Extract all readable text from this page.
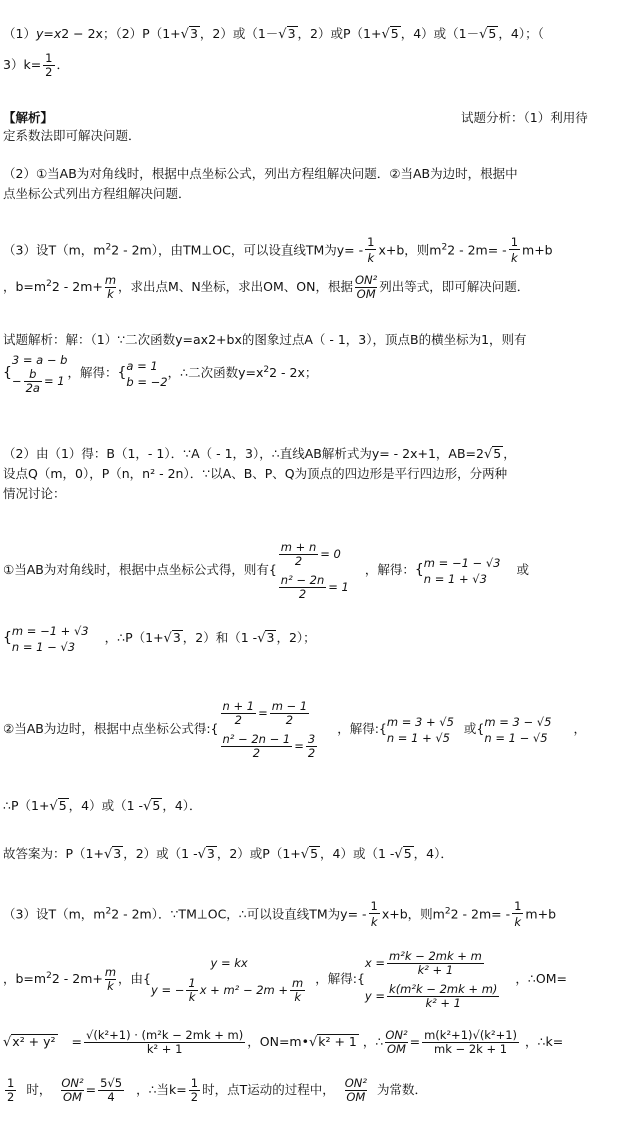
（1）y=x2 − 2x；（2）P（1+√3 ，2）或（1－√3 ，2）或P（1+√5 ，4）或（1－√5 ，4）；（
$3)k= \frac{1}{2}$ ．
【解析】	试题分析：（1）利用待
定系数法即可解决问题．
（2）①当AB为对角线时，根据中点坐标公式，列出方程组解决问题．②当AB为边时，根据中
点坐标公式列出方程组解决问题．
（3）设T（m，$m^22 - 2m$），由TM⊥OC，可以设直线TM为$y= - \frac{1}{k} x+b$，则$m^22 - 2m= - \frac{1}{k} m+b$
，$b=m^22 - 2m+ \frac{m}{k}$ ，求出点M、N坐标，求出OM、ON，根据 $\frac{\text{ON²}}{OM}$ 列出等式，即可解决问题．
试题解析：解：（1）∵二次函数y=ax2+bx的图象过点A（ - 1，3），顶点B的横坐标为1，则有
{
3 = a − b
− $\frac{b}{2a} = 1$
，解得：{ a = 1
b = −2
，∴二次函数$y=x^22 - 2x$；
（2）由（1）得：B（1，- 1）．∵A（ - 1，3），∴直线AB解析式为y= - 2x+1，AB=2√5 ，
设点Q（m，0），P（n，n² - 2n）．∵以A、B、P、Q为顶点的四边形是平行四边形，分两种
情况讨论：
①当AB为对角线时，根据中点坐标公式得，则有{
$\frac{m + n}{2} = 0$
$\frac{\text{n² − 2n}}{2} = 1$
，解得：{ m = −1 − √3
n = 1 + √3
或
{ m = −1 + √3
n = 1 − √3
，∴P（1+√3 ，2）和（1 -√3 ，2）；
②当AB为边时，根据中点坐标公式得:{
$\frac{n + 1}{2} = \frac{m - 1}{2}$
$\frac{\text{n² − 2n − 1}}{2} = \frac{3}{2}$
，解得:{ m = 3 + √5
n = 1 + √5
或{ m = 3 − √5
n = 1 − √5
，
∴P（1+√5 ，4）或（1 -√5 ，4）．
故答案为：P（1+√3 ，2）或（1 -√3 ，2）或P（1+√5 ，4）或（1 -√5 ，4）．
（3）设T（m，$m^22 - 2m$）．∵TM⊥OC，∴可以设直线TM为$y= - \frac{1}{k} x+b$，则$m^22 - 2m= - \frac{1}{k} m+b$
，$b=m^22 - 2m+ \frac{m}{k}$ ，由{
y = kx
y = − $\frac{1}{k}$ $x + m^2 - 2m + \frac{m}{k}$ ，解得:{
$x = \frac{\text{m²k − 2mk + m}}{\text{k² + 1}}$
$y = \frac{\text{k(m²k − 2mk + m)}}{\text{k² + 1}}$
，∴OM=
$√x^2 + y^2 = \frac{\text{√(k²+1) · (m²k − 2mk + m)}}{\text{k² + 1}}$ ，ON=m•√k² + 1 ，∴ $\frac{\text{ON²}}{OM} = \frac{\text{m(k²+1)√(k²+1)}}{mk - 2k + 1}$ ，∴k=
$\frac{1}{2}$ 时， $\frac{\text{ON²}}{OM} = \frac{5√5}{4}$ ，∴当$k= \frac{1}{2}$ 时，点T运动的过程中， $\frac{\text{ON²}}{OM}$ 为常数．
